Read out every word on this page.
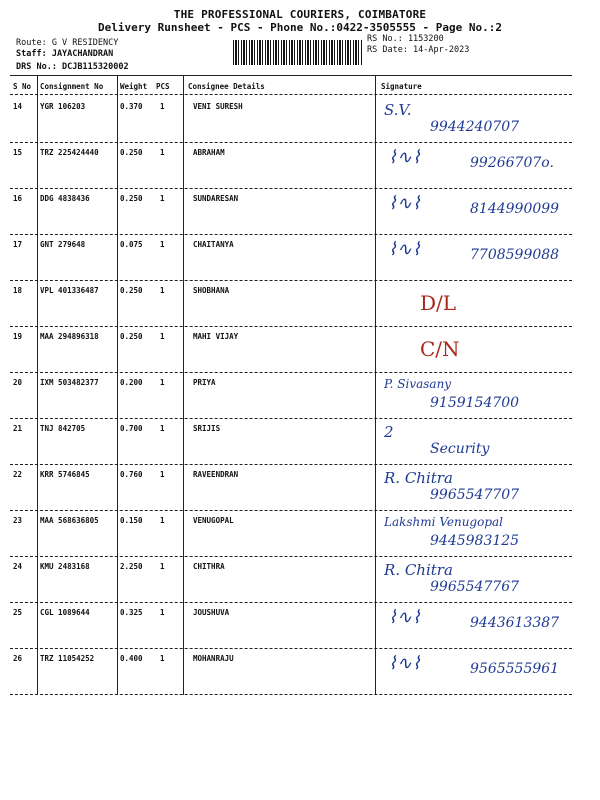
THE PROFESSIONAL COURIERS, COIMBATORE
Delivery Runsheet - PCS - Phone No.:0422-3505555 - Page No.:2
Route: G V RESIDENCY
Staff: JAYACHANDRAN
DRS No.: DCJB115320002
RS No.: 1153200
RS Date: 14-Apr-2023
S No Consignment No Weight PCS Consignee Details	Signature
14 YGR 106203	0.370 1	VENI SURESH	S.V.
9944240707
15 TRZ 225424440	0.250 1	ABRAHAM	⌇∿⌇	99266707o.
16 DDG 4838436	0.250 1	SUNDARESAN	⌇∿⌇	8144990099
17 GNT 279648	0.075 1	CHAITANYA	⌇∿⌇	7708599088
18 VPL 401336487	0.250 1	SHOBHANA
D/L
19 MAA 294896318	0.250 1	MAHI VIJAY
C/N
20 IXM 503482377	0.200 1	PRIYA	P. Sivasany
9159154700
21 TNJ 842705	0.700 1	SRIJIS	2
Security
22 KRR 5746845	0.760 1	RAVEENDRAN	R. Chitra
9965547707
23 MAA 568636805	0.150 1	VENUGOPAL	Lakshmi Venugopal
9445983125
24 KMU 2483168	2.250 1	CHITHRA	R. Chitra
9965547767
25 CGL 1089644	0.325 1	JOUSHUVA	⌇∿⌇	9443613387
26 TRZ 11054252	0.400 1	MOHANRAJU	⌇∿⌇	9565555961
